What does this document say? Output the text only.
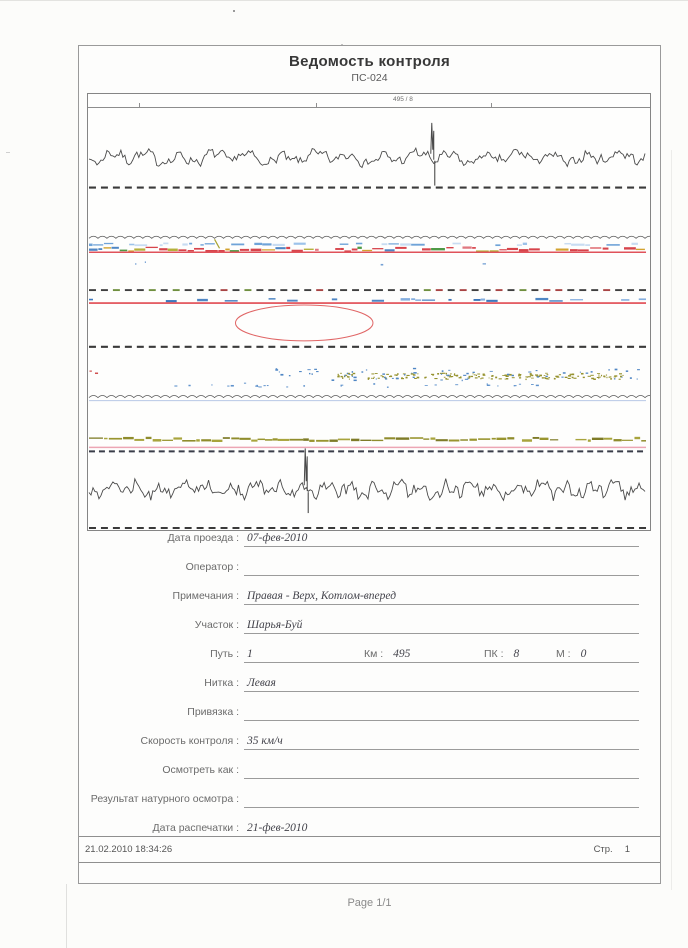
Ведомость контроля
ПС-024
495 / 8
Дата проезда : 07-фев-2010
Оператор :
Примечания : Правая - Верх, Котлом-вперед
Участок : Шарья-Буй
Путь : 1	Км : 495	ПК : 8	М : 0
Нитка : Левая
Привязка :
Скорость контроля : 35 км/ч
Осмотреть как :
Результат натурного осмотра :
Дата распечатки : 21-фев-2010
21.02.2010 18:34:26	Стр. 1
Page 1/1
